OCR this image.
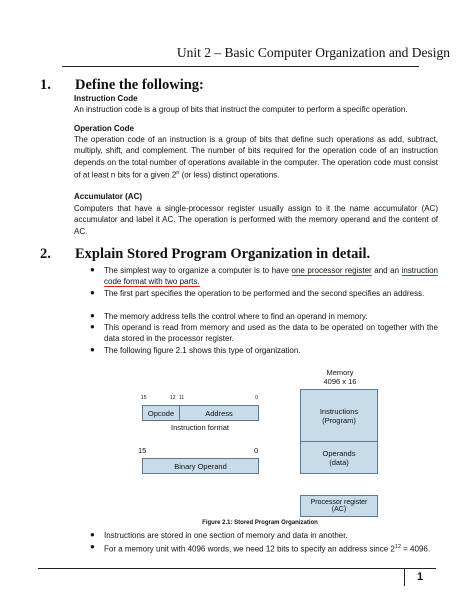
Unit 2 – Basic Computer Organization and Design
1. Define the following:
Instruction Code
An instruction code is a group of bits that instruct the computer to perform a specific operation.
Operation Code
The operation code of an instruction is a group of bits that define such operations as add, subtract, multiply, shift, and complement. The number of bits required for the operation code of an instruction depends on the total number of operations available in the computer. The operation code must consist of at least n bits for a given 2$^n$ (or less) distinct operations.
Accumulator (AC)
Computers that have a single-processor register usually assign to it the name accumulator (AC) accumulator and label it AC. The operation is performed with the memory operand and the content of AC.
2. Explain Stored Program Organization in detail.
● The simplest way to organize a computer is to have one processor register and an instruction code format with two parts.
● The first part specifies the operation to be performed and the second specifies an address.
● The memory address tells the control where to find an operand in memory.
● This operand is read from memory and used as the data to be operated on together with the data stored in the processor register.
● The following figure 2.1 shows this type of organization.
15	12 11	0
Opcode	Address
Instruction format
15	0
Binary Operand
Memory
4096 x 16
Instructions
(Program)
Operands
(data)
Processor register
(AC)
Figure 2.1: Stored Program Organization
● Instructions are stored in one section of memory and data in another.
● For a memory unit with 4096 words, we need 12 bits to specify an address since $2^{12} = 4096$.
1
